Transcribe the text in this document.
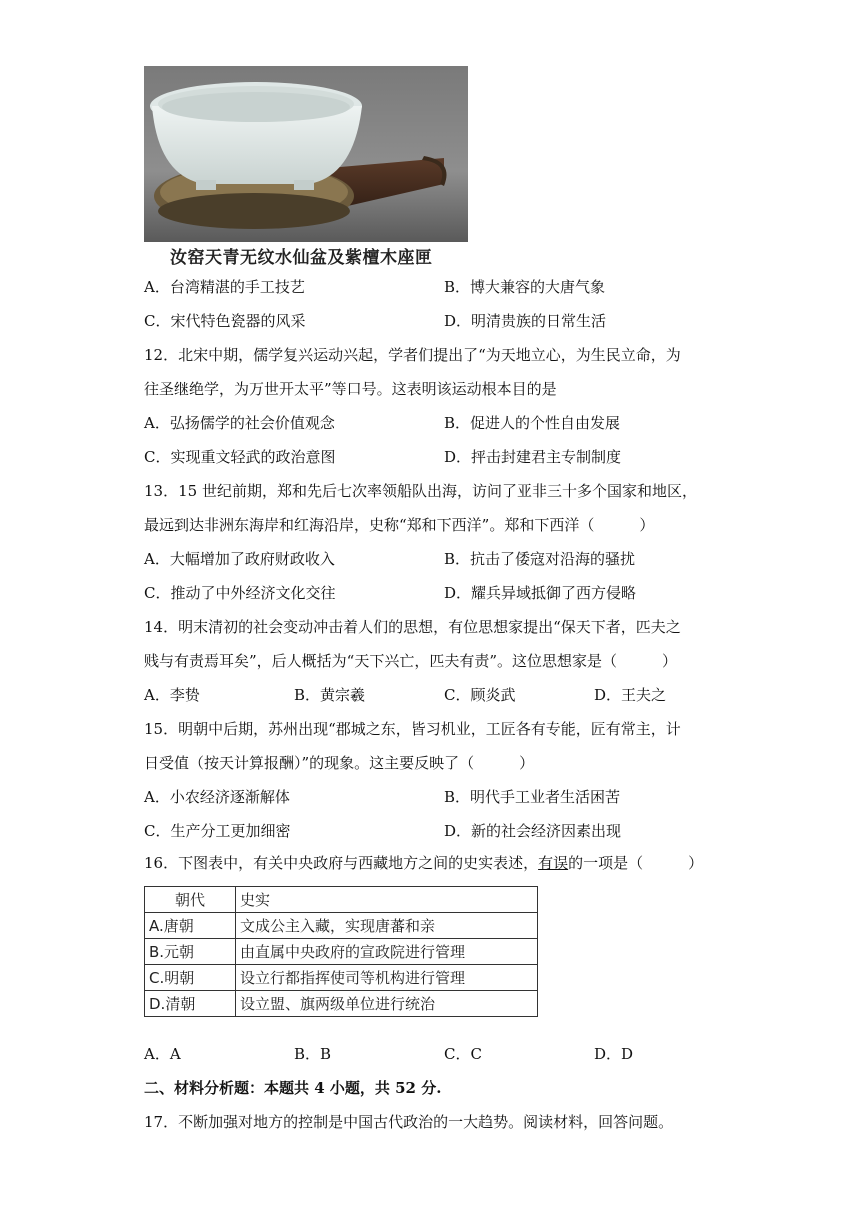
汝窑天青无纹水仙盆及紫檀木座匣
A．台湾精湛的手工技艺	B．博大兼容的大唐气象
C．宋代特色瓷器的风采	D．明清贵族的日常生活
12．北宋中期，儒学复兴运动兴起，学者们提出了“为天地立心，为生民立命，为
往圣继绝学，为万世开太平”等口号。这表明该运动根本目的是
A．弘扬儒学的社会价值观念	B．促进人的个性自由发展
C．实现重文轻武的政治意图	D．抨击封建君主专制制度
13．15 世纪前期，郑和先后七次率领船队出海，访问了亚非三十多个国家和地区，
最远到达非洲东海岸和红海沿岸，史称“郑和下西洋”。郑和下西洋（　　　）
A．大幅增加了政府财政收入	B．抗击了倭寇对沿海的骚扰
C．推动了中外经济文化交往	D．耀兵异域抵御了西方侵略
14．明末清初的社会变动冲击着人们的思想，有位思想家提出“保天下者，匹夫之
贱与有责焉耳矣”，后人概括为“天下兴亡，匹夫有责”。这位思想家是（　　　）
A．李贽	B．黄宗羲	C．顾炎武	D．王夫之
15．明朝中后期，苏州出现“郡城之东，皆习机业，工匠各有专能，匠有常主，计
日受值（按天计算报酬）”的现象。这主要反映了（　　　）
A．小农经济逐渐解体	B．明代手工业者生活困苦
C．生产分工更加细密	D．新的社会经济因素出现
16．下图表中，有关中央政府与西藏地方之间的史实表述，有误的一项是（　　　）
朝代	史实
A.唐朝	文成公主入藏，实现唐蕃和亲
B.元朝	由直属中央政府的宣政院进行管理
C.明朝	设立行都指挥使司等机构进行管理
D.清朝	设立盟、旗两级单位进行统治
A．A	B．B	C．C	D．D
二、材料分析题：本题共 4 小题，共 52 分.
17．不断加强对地方的控制是中国古代政治的一大趋势。阅读材料，回答问题。
